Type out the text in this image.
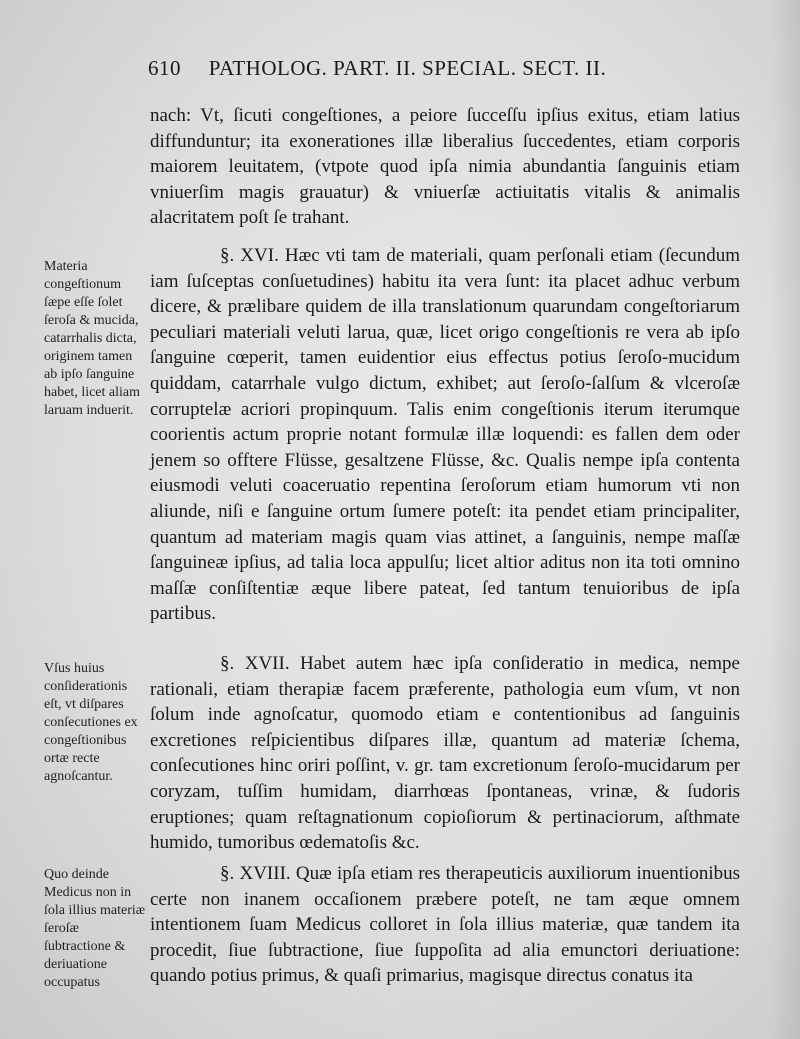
610 PATHOLOG. PART. II. SPECIAL. SECT. II.

nach: Vt, ſicuti congeſtiones, a peiore ſucceſſu ipſius exitus, etiam latius diffunduntur; ita exonerationes illæ liberalius ſuccedentes, etiam corporis maiorem leuitatem, (vtpote quod ipſa nimia abundantia ſanguinis etiam vniuerſim magis grauatur) & vniuerſæ actiuitatis vitalis & animalis alacritatem poſt ſe trahant.

§. XVI. Hæc vti tam de materiali, quam perſonali etiam (ſecundum iam ſuſceptas conſuetudines) habitu ita vera ſunt: ita placet adhuc verbum dicere, & prælibare quidem de illa translationum quarundam congeſtoriarum peculiari materiali veluti larua, quæ, licet origo congeſtionis re vera ab ipſo ſanguine cœperit, tamen euidentior eius effectus potius ſeroſo-mucidum quiddam, catarrhale vulgo dictum, exhibet; aut ſeroſo-ſalſum & vlceroſæ corruptelæ acriori propinquum. Talis enim congeſtionis iterum iterumque coorientis actum proprie notant formulæ illæ loquendi: es fallen dem oder jenem so offtere Flüsse, gesaltzene Flüsse, &c. Qualis nempe ipſa contenta eiusmodi veluti coaceruatio repentina ſeroſorum etiam humorum vti non aliunde, niſi e ſanguine ortum ſumere poteſt: ita pendet etiam principaliter, quantum ad materiam magis quam vias attinet, a ſanguinis, nempe maſſæ ſanguineæ ipſius, ad talia loca appulſu; licet altior aditus non ita toti omnino maſſæ conſiſtentiæ æque libere pateat, ſed tantum tenuioribus de ipſa partibus.

§. XVII. Habet autem hæc ipſa conſideratio in medica, nempe rationali, etiam therapiæ facem præferente, pathologia eum vſum, vt non ſolum inde agnoſcatur, quomodo etiam e contentionibus ad ſanguinis excretiones reſpicientibus diſpares illæ, quantum ad materiæ ſchema, conſecutiones hinc oriri poſſint, v. gr. tam excretionum ſeroſo-mucidarum per coryzam, tuſſim humidam, diarrhœas ſpontaneas, vrinæ, & ſudoris eruptiones; quam reſtagnationum copioſiorum & pertinaciorum, aſthmate humido, tumoribus œdematoſis &c.

§. XVIII. Quæ ipſa etiam res therapeuticis auxiliorum inuentionibus certe non inanem occaſionem præbere poteſt, ne tam æque omnem intentionem ſuam Medicus colloret in ſola illius materiæ, quæ tandem ita procedit, ſiue ſubtractione, ſiue ſuppoſita ad alia emunctori deriuatione: quando potius primus, & quaſi primarius, magisque directus conatus ita

Materia congeſtionum ſæpe eſſe ſolet ſeroſa & mucida, catarrhalis dicta, originem tamen ab ipſo ſanguine habet, licet aliam laruam induerit.
Vſus huius conſiderationis eſt, vt diſpares conſecutiones ex congeſtionibus ortæ recte agnoſcantur.
Quo deinde Medicus non in ſola illius materiæ ſeroſæ ſubtractione & deriuatione occupatus
